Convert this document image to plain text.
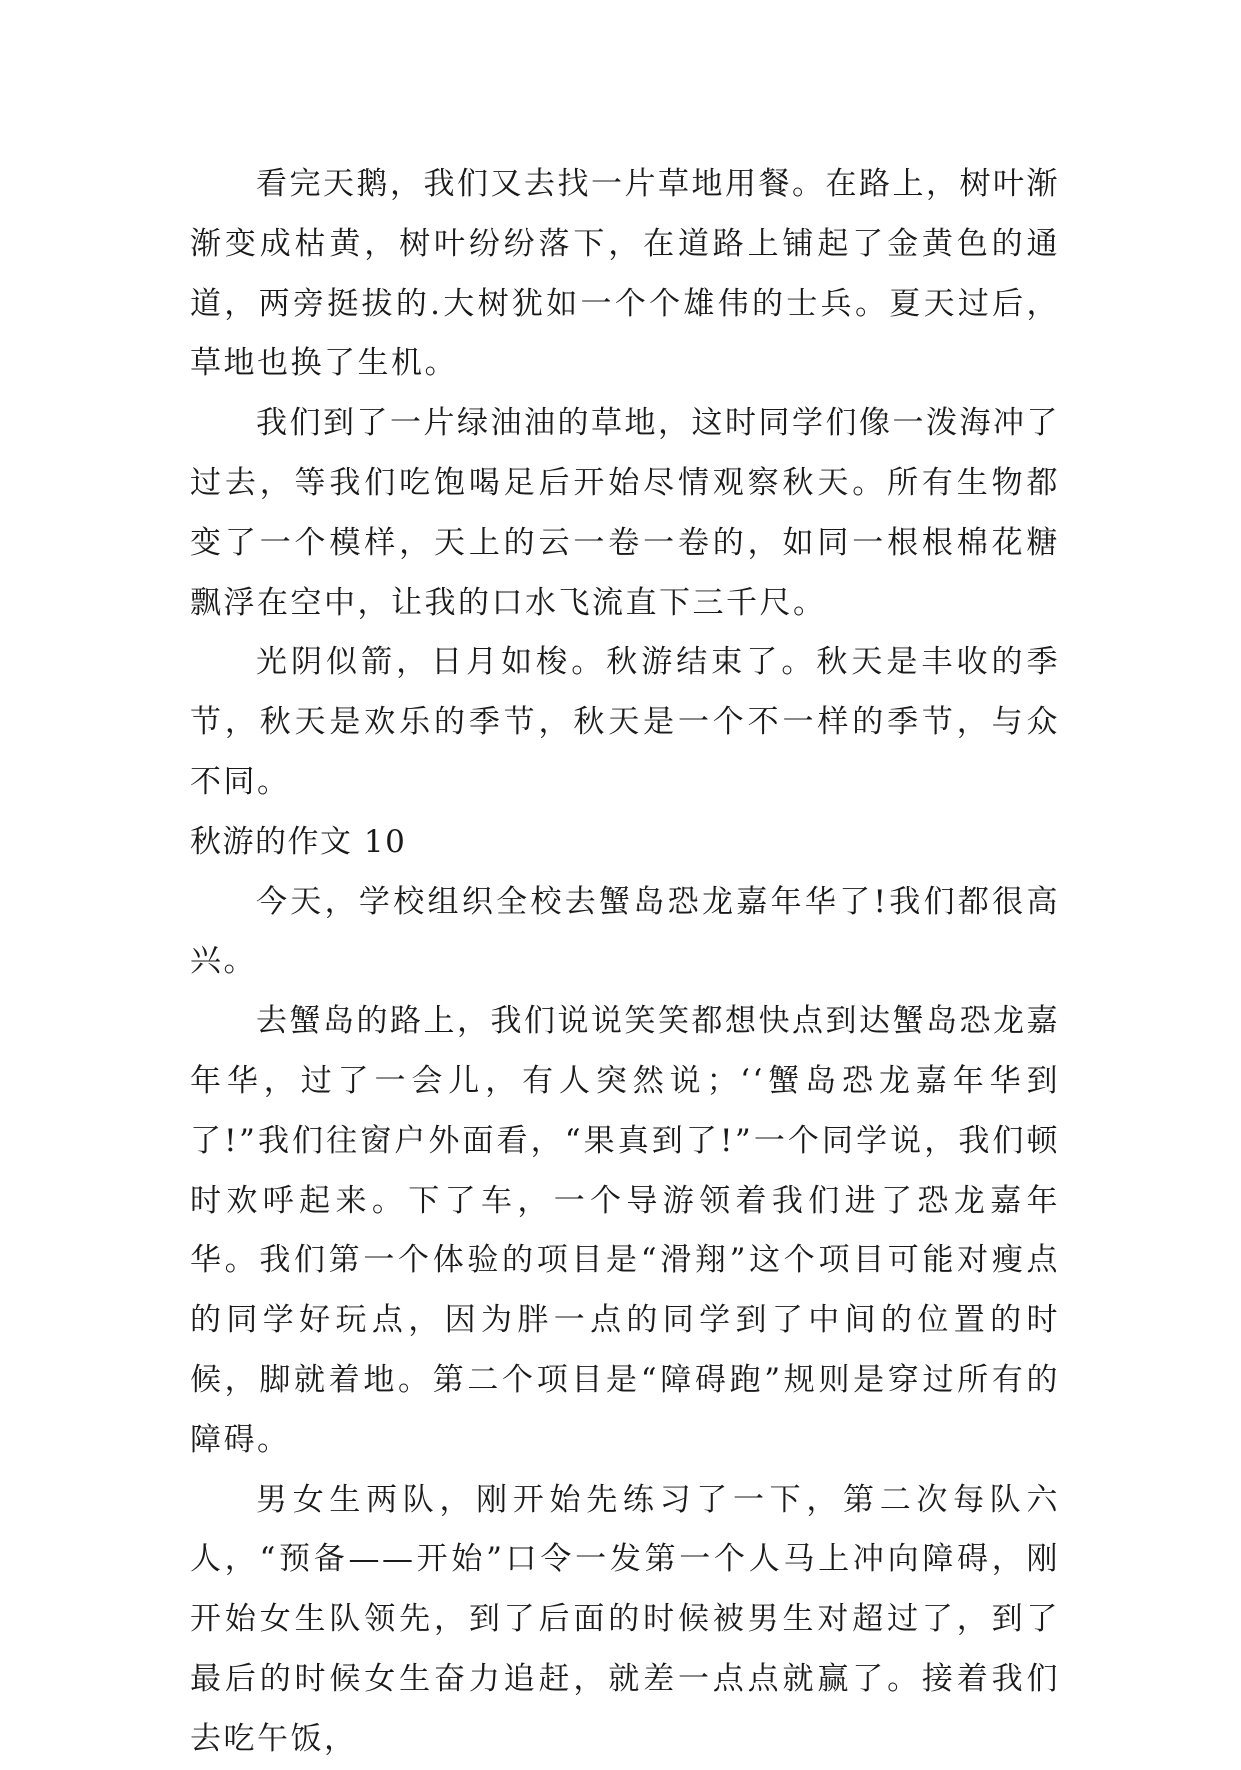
看完天鹅，我们又去找一片草地用餐。在路上，树叶渐渐变成枯黄，树叶纷纷落下，在道路上铺起了金黄色的通道，两旁挺拔的.大树犹如一个个雄伟的士兵。夏天过后，草地也换了生机。

我们到了一片绿油油的草地，这时同学们像一泼海冲了过去，等我们吃饱喝足后开始尽情观察秋天。所有生物都变了一个模样，天上的云一卷一卷的，如同一根根棉花糖飘浮在空中，让我的口水飞流直下三千尺。

光阴似箭，日月如梭。秋游结束了。秋天是丰收的季节，秋天是欢乐的季节，秋天是一个不一样的季节，与众不同。

秋游的作文 10

今天，学校组织全校去蟹岛恐龙嘉年华了!我们都很高兴。

去蟹岛的路上，我们说说笑笑都想快点到达蟹岛恐龙嘉年华，过了一会儿，有人突然说；‘‘蟹岛恐龙嘉年华到了!”我们往窗户外面看，“果真到了!”一个同学说，我们顿时欢呼起来。下了车，一个导游领着我们进了恐龙嘉年华。我们第一个体验的项目是“滑翔”这个项目可能对瘦点的同学好玩点，因为胖一点的同学到了中间的位置的时候，脚就着地。第二个项目是“障碍跑”规则是穿过所有的障碍。

男女生两队，刚开始先练习了一下，第二次每队六人，“预备——开始”口令一发第一个人马上冲向障碍，刚开始女生队领先，到了后面的时候被男生对超过了，到了最后的时候女生奋力追赶，就差一点点就赢了。接着我们去吃午饭，
